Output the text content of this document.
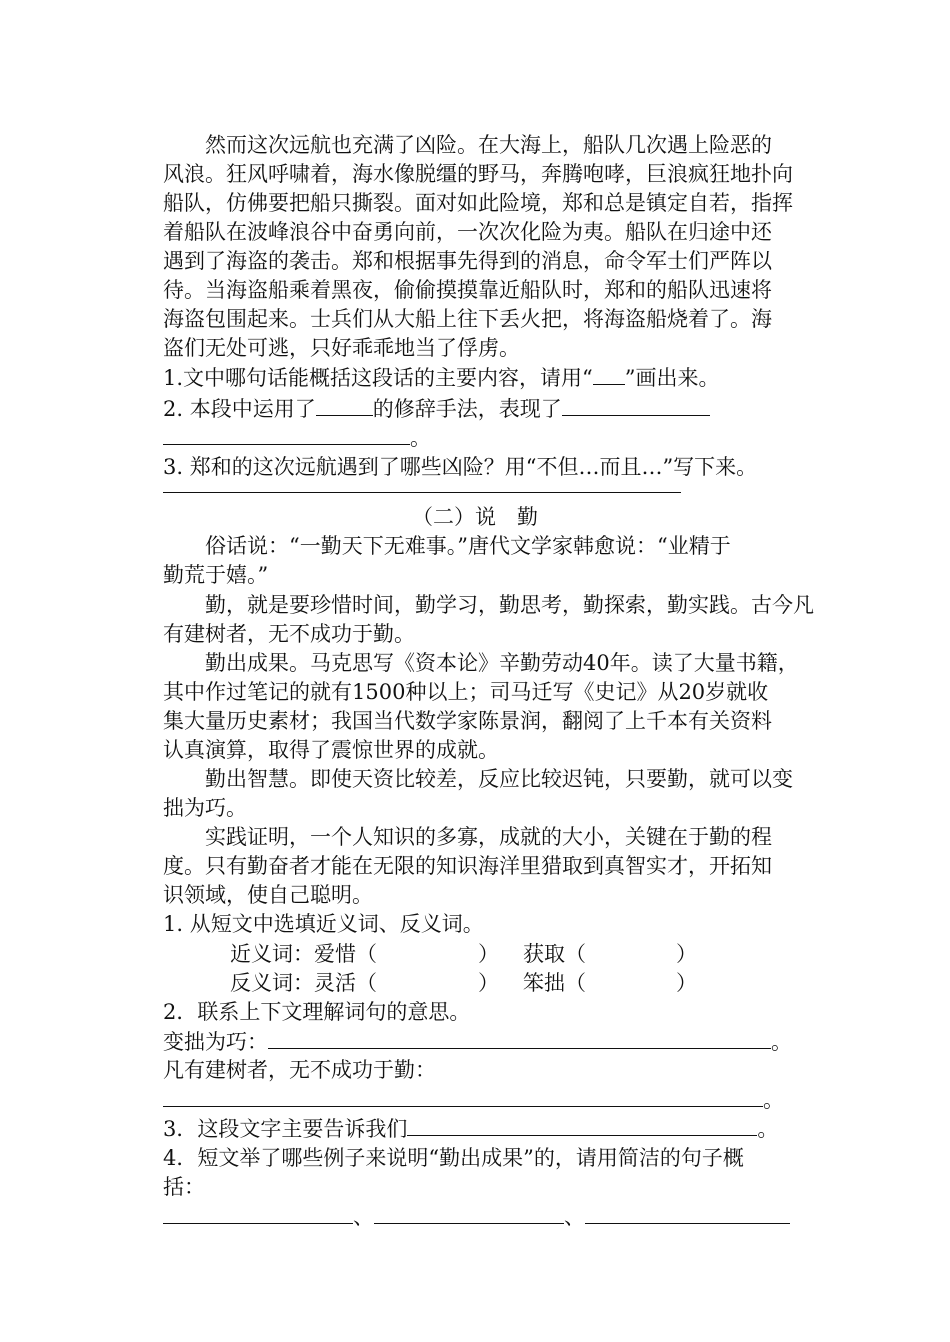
然而这次远航也充满了凶险。在大海上，船队几次遇上险恶的
风浪。狂风呼啸着，海水像脱缰的野马，奔腾咆哮，巨浪疯狂地扑向
船队，仿佛要把船只撕裂。面对如此险境，郑和总是镇定自若，指挥
着船队在波峰浪谷中奋勇向前，一次次化险为夷。船队在归途中还
遇到了海盗的袭击。郑和根据事先得到的消息，命令军士们严阵以
待。当海盗船乘着黑夜，偷偷摸摸靠近船队时，郑和的船队迅速将
海盗包围起来。士兵们从大船上往下丢火把，将海盗船烧着了。海
盗们无处可逃，只好乖乖地当了俘虏。
1.文中哪句话能概括这段话的主要内容，请用“ ”画出来。
2. 本段中运用了	的修辞手法，表现了
。
3. 郑和的这次远航遇到了哪些凶险？用“不但…而且…”写下来。
（二）说　勤
俗话说：“一勤天下无难事。”唐代文学家韩愈说：“业精于
勤荒于嬉。”
勤，就是要珍惜时间，勤学习，勤思考，勤探索，勤实践。古今凡
有建树者，无不成功于勤。
勤出成果。马克思写《资本论》辛勤劳动40年。读了大量书籍，
其中作过笔记的就有1500种以上；司马迁写《史记》从20岁就收
集大量历史素材；我国当代数学家陈景润，翻阅了上千本有关资料
认真演算，取得了震惊世界的成就。
勤出智慧。即使天资比较差，反应比较迟钝，只要勤，就可以变
拙为巧。
实践证明，一个人知识的多寡，成就的大小，关键在于勤的程
度。只有勤奋者才能在无限的知识海洋里猎取到真智实才，开拓知
识领域，使自己聪明。
1. 从短文中选填近义词、反义词。
近义词：爱惜（	） 获取（	）
反义词：灵活（	） 笨拙（	）
2．联系上下文理解词句的意思。
变拙为巧：	。
凡有建树者，无不成功于勤：
。
3．这段文字主要告诉我们	。
4．短文举了哪些例子来说明“勤出成果”的，请用简洁的句子概
括：
、	、
